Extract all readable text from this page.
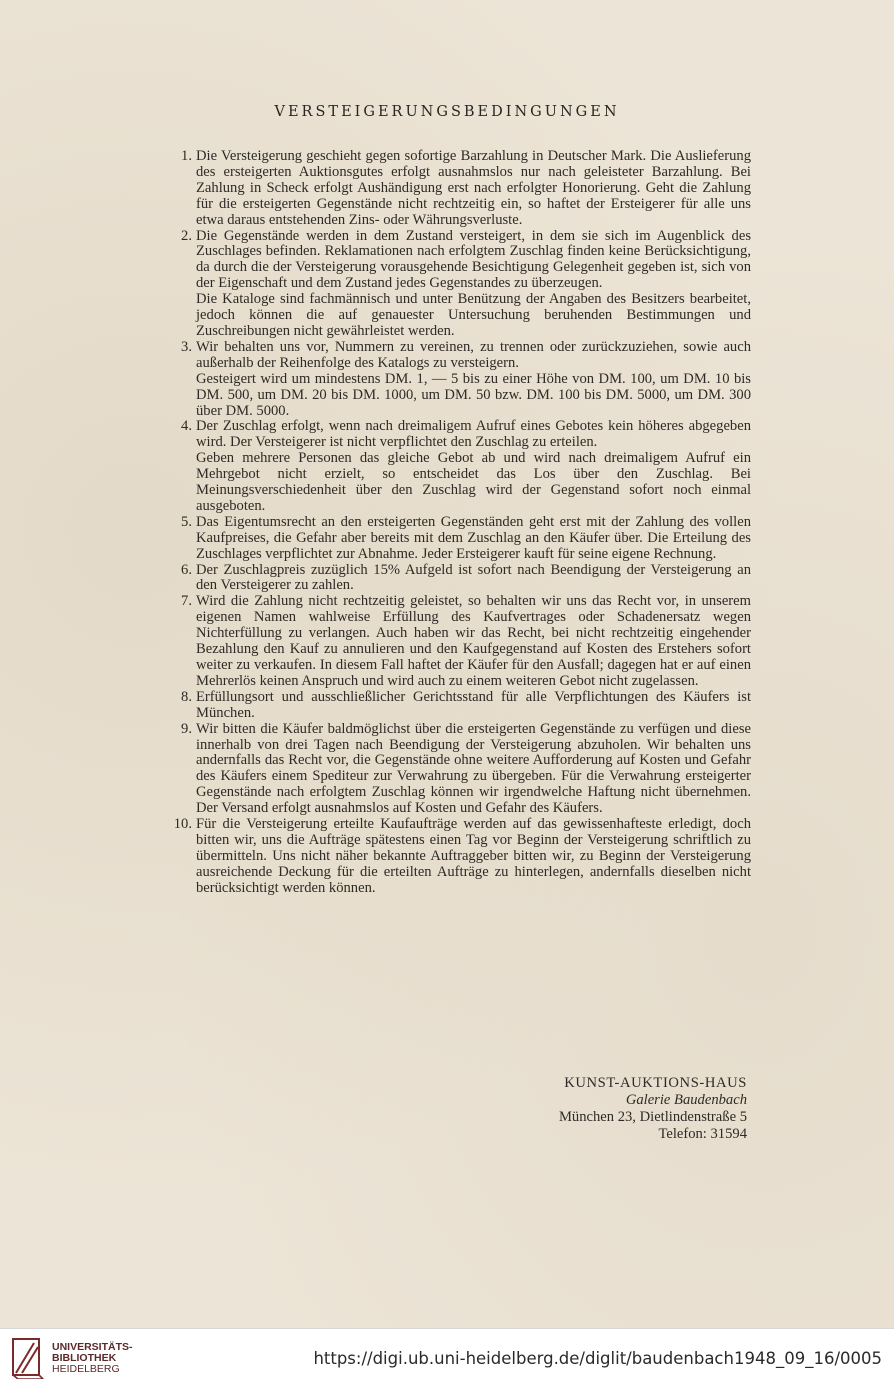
VERSTEIGERUNGSBEDINGUNGEN
1. Die Versteigerung geschieht gegen sofortige Barzahlung in Deutscher Mark. Die Auslieferung des ersteigerten Auktionsgutes erfolgt ausnahmslos nur nach geleisteter Barzahlung. Bei Zahlung in Scheck erfolgt Aushändigung erst nach erfolgter Honorierung. Geht die Zahlung für die ersteigerten Gegenstände nicht rechtzeitig ein, so haftet der Ersteigerer für alle uns etwa daraus entstehenden Zins- oder Währungsverluste.

2. Die Gegenstände werden in dem Zustand versteigert, in dem sie sich im Augenblick des Zuschlages befinden. Reklamationen nach erfolgtem Zuschlag finden keine Berücksichtigung, da durch die der Versteigerung vorausgehende Besichtigung Gelegenheit gegeben ist, sich von der Eigenschaft und dem Zustand jedes Gegenstandes zu überzeugen.

Die Kataloge sind fachmännisch und unter Benützung der Angaben des Besitzers bearbeitet, jedoch können die auf genauester Untersuchung beruhenden Bestimmungen und Zuschreibungen nicht gewährleistet werden.

3. Wir behalten uns vor, Nummern zu vereinen, zu trennen oder zurückzuziehen, sowie auch außerhalb der Reihenfolge des Katalogs zu versteigern.

Gesteigert wird um mindestens DM. 1, — 5 bis zu einer Höhe von DM. 100, um DM. 10 bis DM. 500, um DM. 20 bis DM. 1000, um DM. 50 bzw. DM. 100 bis DM. 5000, um DM. 300 über DM. 5000.

4. Der Zuschlag erfolgt, wenn nach dreimaligem Aufruf eines Gebotes kein höheres abgegeben wird. Der Versteigerer ist nicht verpflichtet den Zuschlag zu erteilen.

Geben mehrere Personen das gleiche Gebot ab und wird nach dreimaligem Aufruf ein Mehrgebot nicht erzielt, so entscheidet das Los über den Zuschlag. Bei Meinungsverschiedenheit über den Zuschlag wird der Gegenstand sofort noch einmal ausgeboten.

5. Das Eigentumsrecht an den ersteigerten Gegenständen geht erst mit der Zahlung des vollen Kaufpreises, die Gefahr aber bereits mit dem Zuschlag an den Käufer über. Die Erteilung des Zuschlages verpflichtet zur Abnahme. Jeder Ersteigerer kauft für seine eigene Rechnung.

6. Der Zuschlagpreis zuzüglich 15% Aufgeld ist sofort nach Beendigung der Versteigerung an den Versteigerer zu zahlen.

7. Wird die Zahlung nicht rechtzeitig geleistet, so behalten wir uns das Recht vor, in unserem eigenen Namen wahlweise Erfüllung des Kaufvertrages oder Schadenersatz wegen Nichterfüllung zu verlangen. Auch haben wir das Recht, bei nicht rechtzeitig eingehender Bezahlung den Kauf zu annulieren und den Kaufgegenstand auf Kosten des Erstehers sofort weiter zu verkaufen. In diesem Fall haftet der Käufer für den Ausfall; dagegen hat er auf einen Mehrerlös keinen Anspruch und wird auch zu einem weiteren Gebot nicht zugelassen.

8. Erfüllungsort und ausschließlicher Gerichtsstand für alle Verpflichtungen des Käufers ist München.

9. Wir bitten die Käufer baldmöglichst über die ersteigerten Gegenstände zu verfügen und diese innerhalb von drei Tagen nach Beendigung der Versteigerung abzuholen. Wir behalten uns andernfalls das Recht vor, die Gegenstände ohne weitere Aufforderung auf Kosten und Gefahr des Käufers einem Spediteur zur Verwahrung zu übergeben. Für die Verwahrung ersteigerter Gegenstände nach erfolgtem Zuschlag können wir irgendwelche Haftung nicht übernehmen. Der Versand erfolgt ausnahmslos auf Kosten und Gefahr des Käufers.

10. Für die Versteigerung erteilte Kaufaufträge werden auf das gewissenhafteste erledigt, doch bitten wir, uns die Aufträge spätestens einen Tag vor Beginn der Versteigerung schriftlich zu übermitteln. Uns nicht näher bekannte Auftraggeber bitten wir, zu Beginn der Versteigerung ausreichende Deckung für die erteilten Aufträge zu hinterlegen, andernfalls dieselben nicht berücksichtigt werden können.

KUNST-AUKTIONS-HAUS
Galerie Baudenbach
München 23, Dietlindenstraße 5
Telefon: 31594
UNIVERSITÄTS-
BIBLIOTHEK
HEIDELBERG
https://digi.ub.uni-heidelberg.de/diglit/baudenbach1948_09_16/0005
